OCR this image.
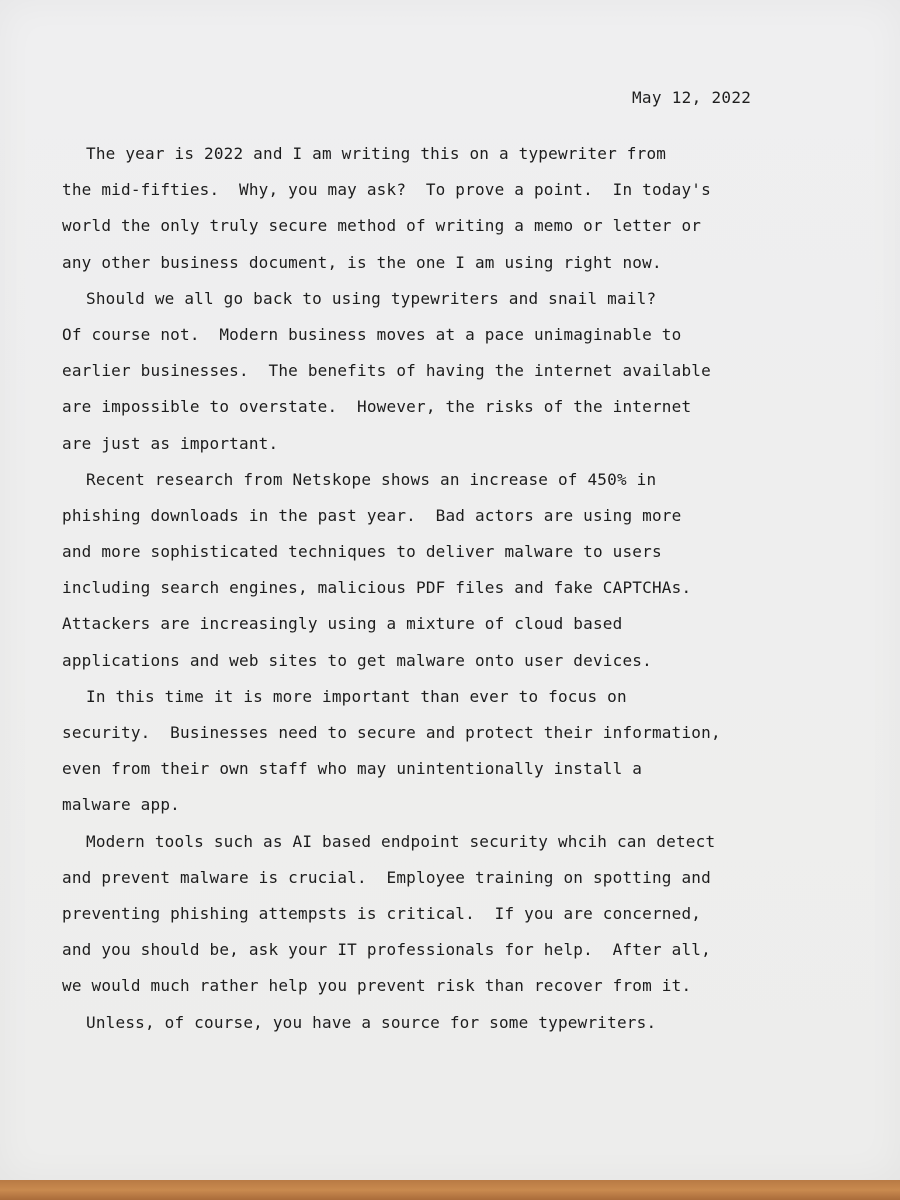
May 12, 2022
The year is 2022 and I am writing this on a typewriter from
the mid-fifties.  Why, you may ask?  To prove a point.  In today's
world the only truly secure method of writing a memo or letter or
any other business document, is the one I am using right now.
Should we all go back to using typewriters and snail mail?
Of course not.  Modern business moves at a pace unimaginable to
earlier businesses.  The benefits of having the internet available
are impossible to overstate.  However, the risks of the internet
are just as important.
Recent research from Netskope shows an increase of 450% in
phishing downloads in the past year.  Bad actors are using more
and more sophisticated techniques to deliver malware to users
including search engines, malicious PDF files and fake CAPTCHAs.
Attackers are increasingly using a mixture of cloud based
applications and web sites to get malware onto user devices.
In this time it is more important than ever to focus on
security.  Businesses need to secure and protect their information,
even from their own staff who may unintentionally install a
malware app.
Modern tools such as AI based endpoint security whcih can detect
and prevent malware is crucial.  Employee training on spotting and
preventing phishing attempsts is critical.  If you are concerned,
and you should be, ask your IT professionals for help.  After all,
we would much rather help you prevent risk than recover from it.
Unless, of course, you have a source for some typewriters.
